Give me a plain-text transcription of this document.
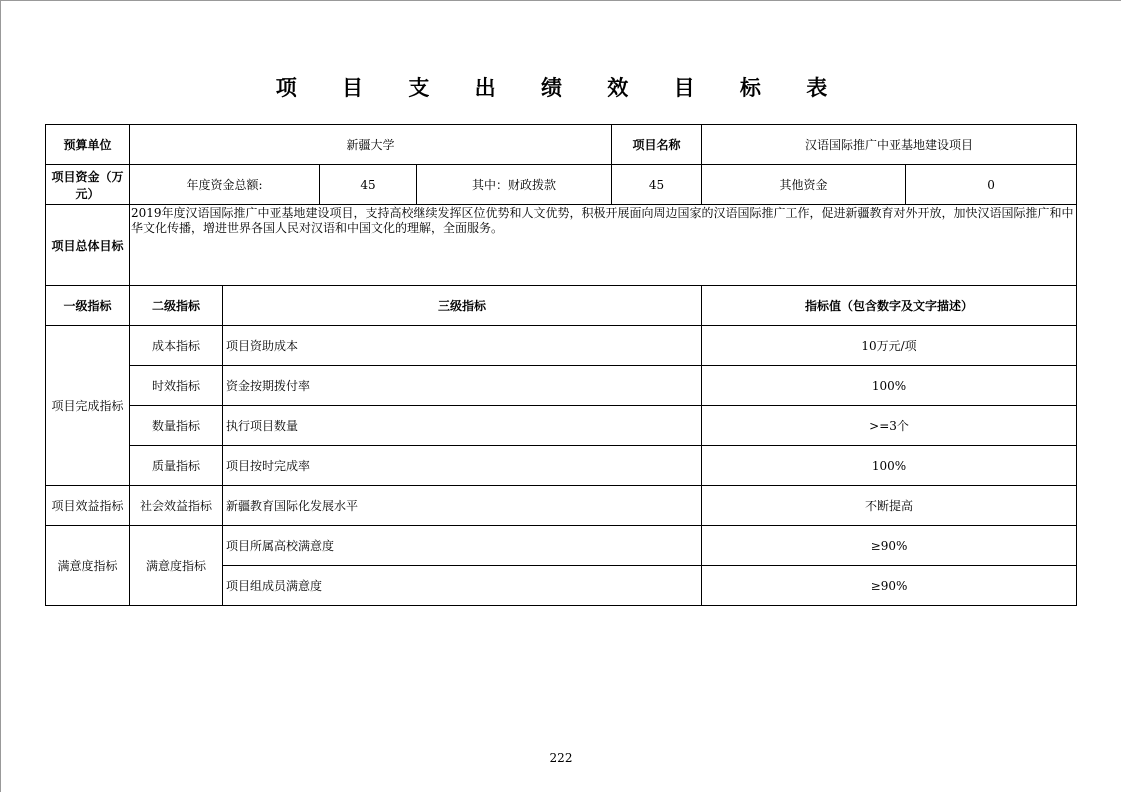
项 目 支 出 绩 效 目 标 表
预算单位	新疆大学				项目名称	汉语国际推广中亚基地建设项目	
项目资金（万元）	年度资金总额:		45	其中：财政拨款	45	其他资金	0
项目总体目标	2019年度汉语国际推广中亚基地建设项目，支持高校继续发挥区位优势和人文优势，积极开展面向周边国家的汉语国际推广工作，促进新疆教育对外开放，加快汉语国际推广和中华文化传播，增进世界各国人民对汉语和中国文化的理解，全面服务。						
一级指标	二级指标	三级指标				指标值（包含数字及文字描述）	
项目完成指标	成本指标	项目资助成本				10万元/项	
	时效指标	资金按期拨付率				100%	
	数量指标	执行项目数量				>=3个	
	质量指标	项目按时完成率				100%	
项目效益指标	社会效益指标	新疆教育国际化发展水平				不断提高	
满意度指标	满意度指标	项目所属高校满意度				≥90%	
		项目组成员满意度				≥90%	
222
